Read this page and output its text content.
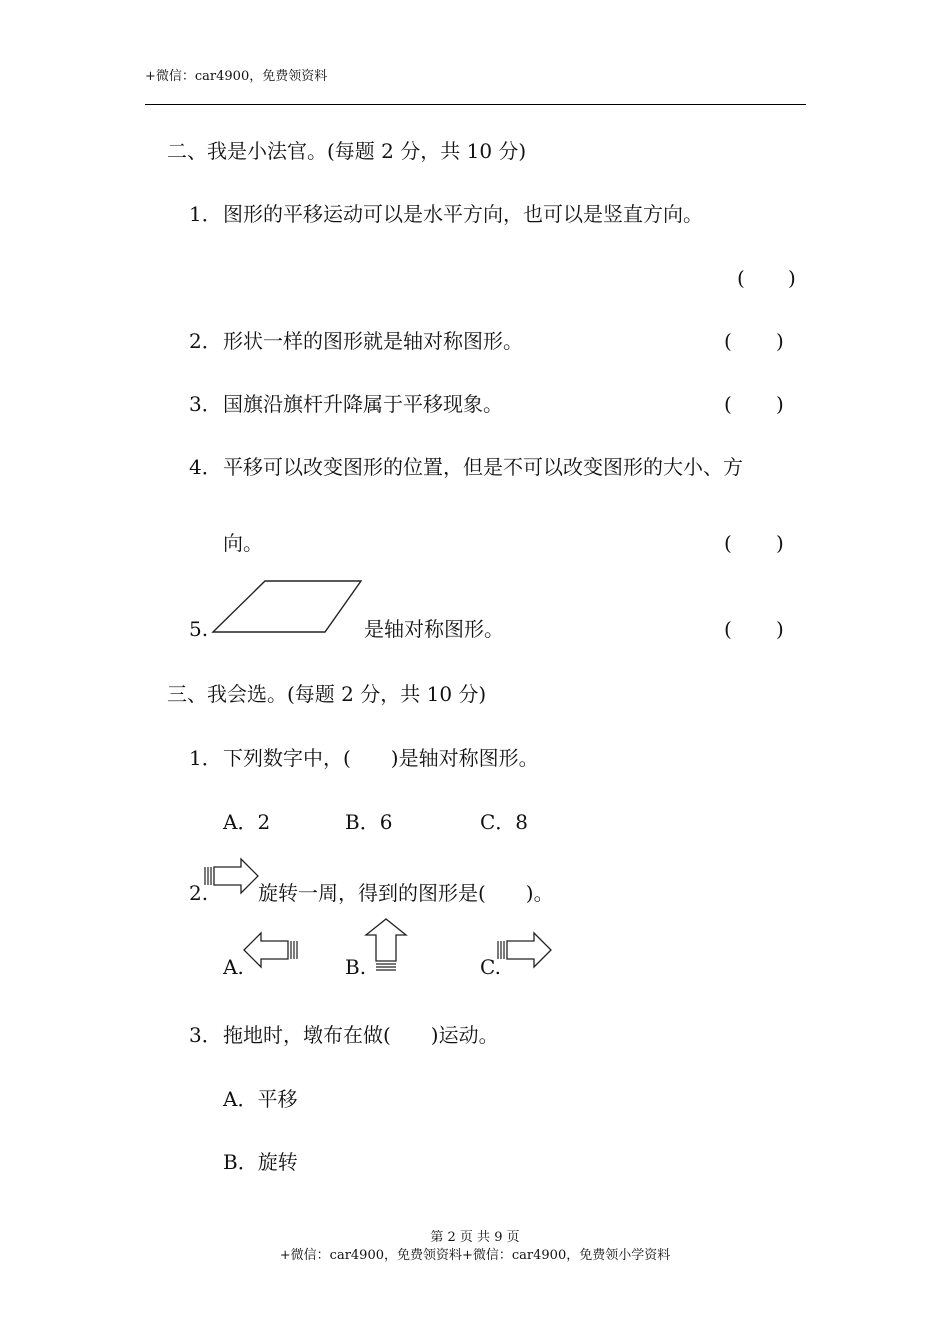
+微信：car4900，免费领资料
二、我是小法官。(每题 2 分，共 10 分)
1． 图形的平移运动可以是水平方向，也可以是竖直方向。
( )
2． 形状一样的图形就是轴对称图形。	( )
3． 国旗沿旗杆升降属于平移现象。	( )
4． 平移可以改变图形的位置，但是不可以改变图形的大小、方
向。	( )
5.	是轴对称图形。	( )
三、我会选。(每题 2 分，共 10 分)
1． 下列数字中，(　　)是轴对称图形。
A．2	B．6	C．8
2. 旋转一周，得到的图形是(　　)。
A.	B.	C.
3． 拖地时，墩布在做(　　)运动。
A．平移
B．旋转
第 2 页 共 9 页
+微信：car4900，免费领资料+微信：car4900，免费领小学资料
